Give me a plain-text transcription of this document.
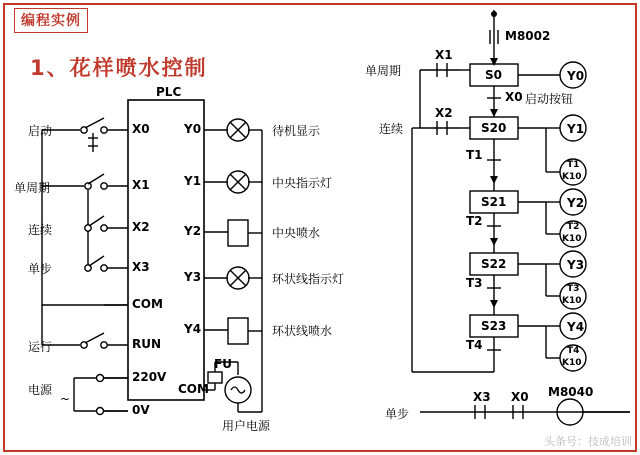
编程实例
1、花样喷水控制
PLC
启动
单周期
连续
单步
运行
电源
~
X0
X1
X2
X3
COM
RUN
220V
0V
Y0
Y1
Y2
Y3
Y4
COM
FU
用户电源
待机显示
中央指示灯
中央喷水
环状线指示灯
环状线喷水
M8002
单周期
X1
连续
X2
X0 启动按钮
S0
S20
S21
S22
S23
T1
T2
T3
T4
Y0
Y1
Y2
Y3
Y4
T1
K10
T2
K10
T3
K10
T4
K10
单步
X3 X0 M8040
头条号：技成培训
